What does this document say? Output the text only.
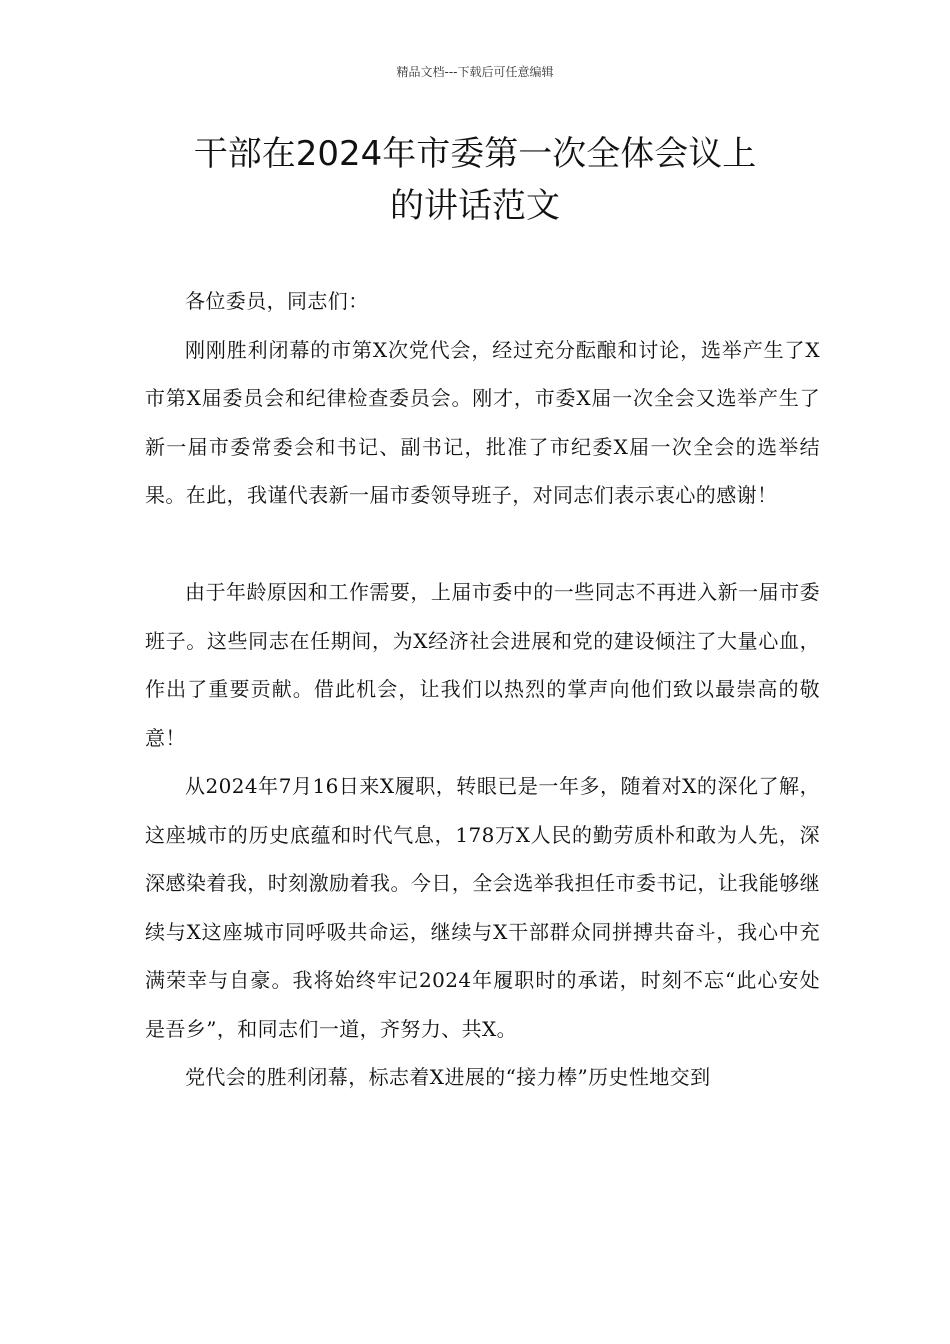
精品文档---下载后可任意编辑
干部在2024年市委第一次全体会议上
的讲话范文

各位委员，同志们：

刚刚胜利闭幕的市第X次党代会，经过充分酝酿和讨论，选举产生了X市第X届委员会和纪律检查委员会。刚才，市委X届一次全会又选举产生了新一届市委常委会和书记、副书记，批准了市纪委X届一次全会的选举结果。在此，我谨代表新一届市委领导班子，对同志们表示衷心的感谢！

由于年龄原因和工作需要，上届市委中的一些同志不再进入新一届市委班子。这些同志在任期间，为X经济社会进展和党的建设倾注了大量心血，作出了重要贡献。借此机会，让我们以热烈的掌声向他们致以最崇高的敬意！

从2024年7月16日来X履职，转眼已是一年多，随着对X的深化了解，这座城市的历史底蕴和时代气息，178万X人民的勤劳质朴和敢为人先，深深感染着我，时刻激励着我。今日，全会选举我担任市委书记，让我能够继续与X这座城市同呼吸共命运，继续与X干部群众同拼搏共奋斗，我心中充满荣幸与自豪。我将始终牢记2024年履职时的承诺，时刻不忘“此心安处是吾乡”，和同志们一道，齐努力、共X。

党代会的胜利闭幕，标志着X进展的“接力棒”历史性地交到
